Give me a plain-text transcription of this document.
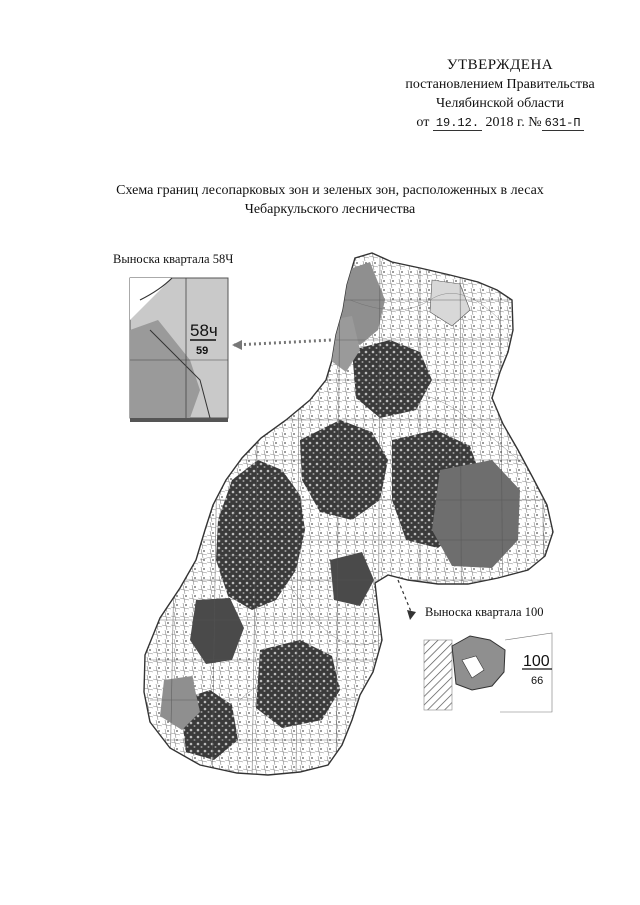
УТВЕРЖДЕНА
постановлением Правительства
Челябинской области
от 19.12. 2018 г. № 631-П
Схема границ лесопарковых зон и зеленых зон, расположенных в лесах
Чебаркульского лесничества
Выноска квартала 58Ч
Выноска квартала 100
58ч
59
100
66
